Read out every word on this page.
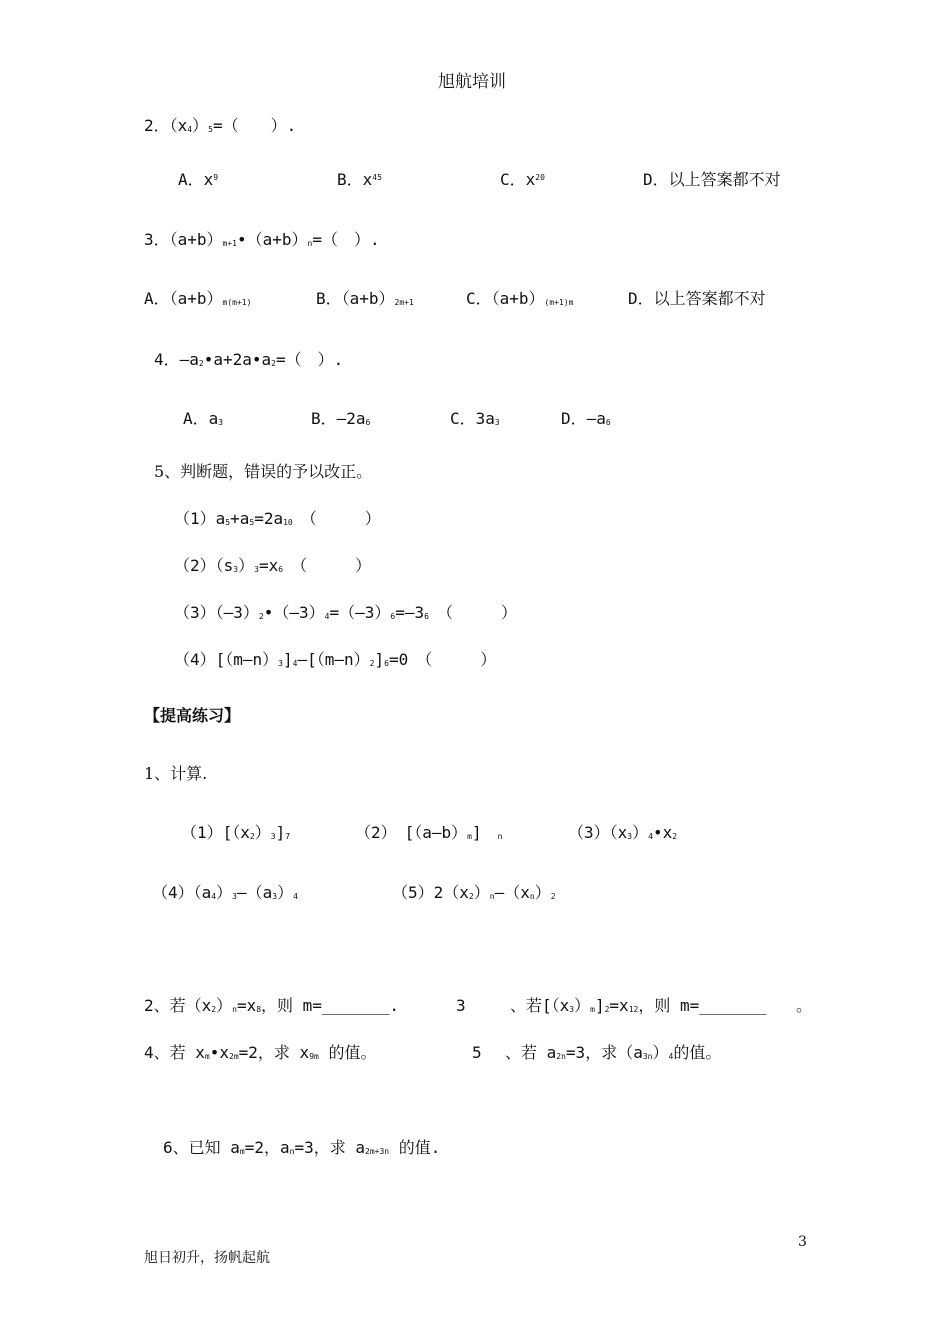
旭航培训
2．$(x_4)_5=$（　　）.
A．$x^9$	B．$x^{45}$	C．$x^{20}$	D．以上答案都不对
3．$(a+b)_{m+1}•(a+b)_n=$（　）.
A．$(a+b)_{m(m+1)}$	B．$(a+b)_{2m+1}$	C．$(a+b)_{(m+1)m}$	D．以上答案都不对
4．$—a_2•a+2a•a_2=$（　）.
A．$a_3$	B．$—2a_6$	C．$3a_3$	D．$—a_6$
5、判断题，错误的予以改正。
$(1)a_5+a_5=2a_{10}$　 （　　　）
$(2)(s_3)_3=x_6$　 （　　　）
$(3)(—3)_2•(—3)_4=(—3)_6=—3_6$　 （　　　）
$(4)[(m—n)_3]_4—[(m—n)_2]_6=0$　（　　　）
【提高练习】
1、计算.
$(1)[(x_2)_3]_7$	（2）　$[(a—b)_m]$　 $_n$	$(3)(x_3)_4•x_2$
$(4)(a_4)_3—(a_3)_4$	$(5)2(x_2)_n—(x_n)_2$
2、若$(x_2)_n=x_8$，则 m=_______.	3	、若$[(x_3)_m]_2=x_{12}$，则 m=_______ 。
4、若 $x_m•x_{2m}=2$，求 $x_{9m}$ 的值。	5 、若 $a_{2n}=3$，求$(a_{3n})_4$的值。
6、已知 $a_m=2$，$a_n=3$，求 $a_{2m+3n}$ 的值.
3
旭日初升，扬帆起航
